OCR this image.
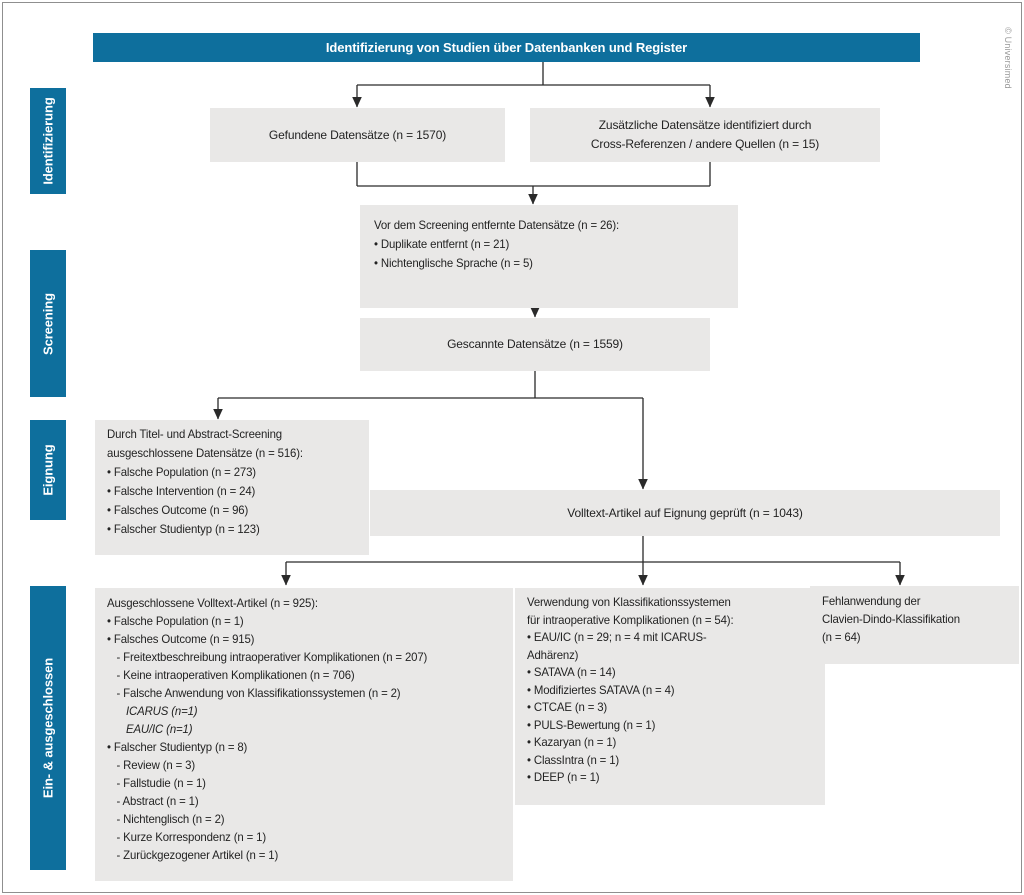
Identifizierung von Studien über Datenbanken und Register
Identifizierung
Screening
Eignung
Ein- & ausgeschlossen
Gefundene Datensätze (n = 1570)
Zusätzliche Datensätze identifiziert durch
Cross-Referenzen / andere Quellen (n = 15)
Vor dem Screening entfernte Datensätze (n = 26):
• Duplikate entfernt (n = 21)
• Nichtenglische Sprache (n = 5)
Gescannte Datensätze (n = 1559)
Durch Titel- und Abstract-Screening
ausgeschlossene Datensätze (n = 516):
• Falsche Population (n = 273)
• Falsche Intervention (n = 24)
• Falsches Outcome (n = 96)
• Falscher Studientyp (n = 123)
Volltext-Artikel auf Eignung geprüft (n = 1043)
Ausgeschlossene Volltext-Artikel (n = 925):
• Falsche Population (n = 1)
• Falsches Outcome (n = 915)
- Freitextbeschreibung intraoperativer Komplikationen (n = 207)
- Keine intraoperativen Komplikationen (n = 706)
- Falsche Anwendung von Klassifikationssystemen (n = 2)
ICARUS (n=1)
EAU/IC (n=1)
• Falscher Studientyp (n = 8)
- Review (n = 3)
- Fallstudie (n = 1)
- Abstract (n = 1)
- Nichtenglisch (n = 2)
- Kurze Korrespondenz (n = 1)
- Zurückgezogener Artikel (n = 1)
Verwendung von Klassifikationssystemen
für intraoperative Komplikationen (n = 54):
• EAU/IC (n = 29; n = 4 mit ICARUS-
Adhärenz)
• SATAVA (n = 14)
• Modifiziertes SATAVA (n = 4)
• CTCAE (n = 3)
• PULS-Bewertung (n = 1)
• Kazaryan (n = 1)
• ClassIntra (n = 1)
• DEEP (n = 1)
Fehlanwendung der
Clavien-Dindo-Klassifikation
(n = 64)
© Universimed
